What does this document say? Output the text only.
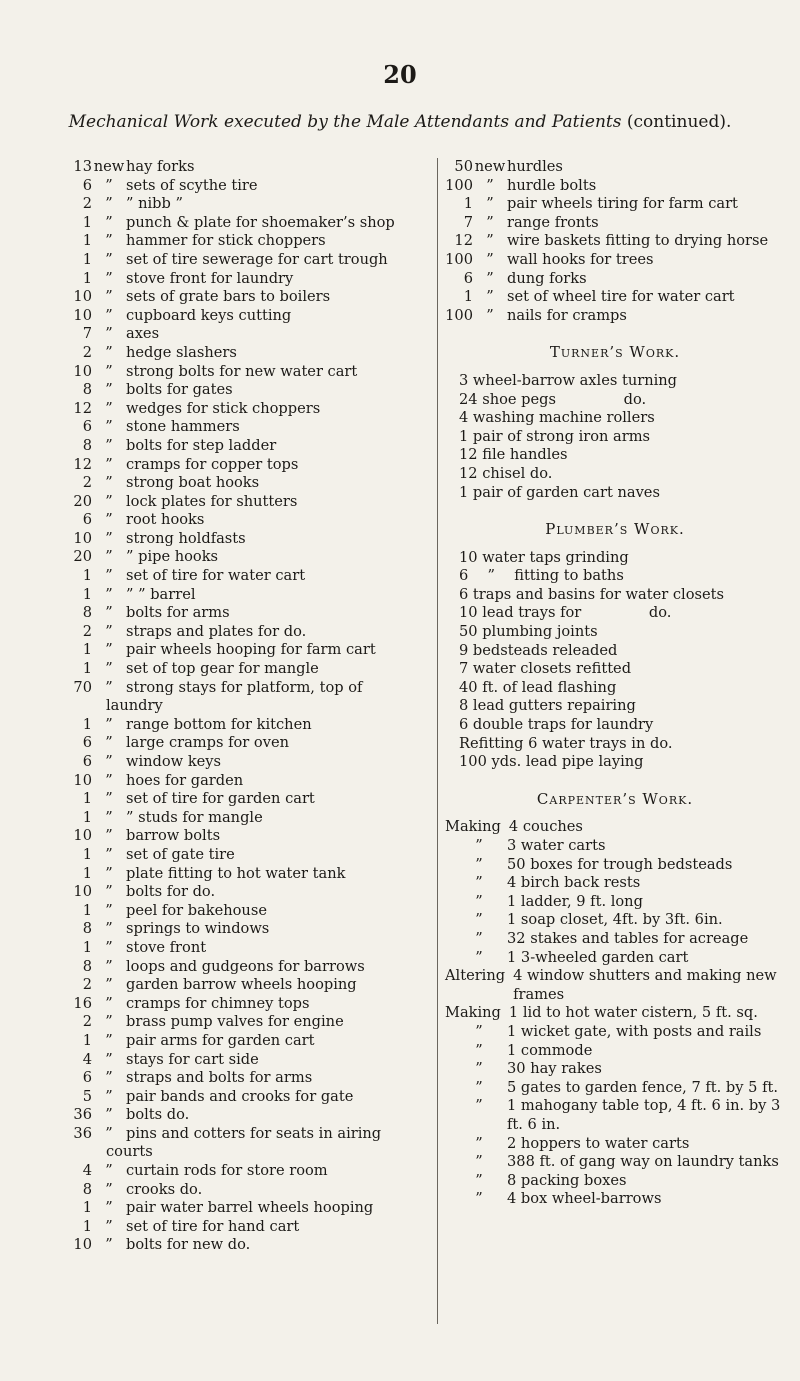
20
Mechanical Work executed by the Male Attendants and Patients (continued).
13 new hay forks
6 ” sets of scythe tire
2 ” ” nibb ”
1 ” punch & plate for shoemaker’s shop
1 ” hammer for stick choppers
1 ” set of tire sewerage for cart trough
1 ” stove front for laundry
10 ” sets of grate bars to boilers
10 ” cupboard keys cutting
7 ” axes
2 ” hedge slashers
10 ” strong bolts for new water cart
8 ” bolts for gates
12 ” wedges for stick choppers
6 ” stone hammers
8 ” bolts for step ladder
12 ” cramps for copper tops
2 ” strong boat hooks
20 ” lock plates for shutters
6 ” root hooks
10 ” strong holdfasts
20 ” ” pipe hooks
1 ” set of tire for water cart
1 ” ” ” barrel
8 ” bolts for arms
2 ” straps and plates for do.
1 ” pair wheels hooping for farm cart
1 ” set of top gear for mangle
70 ” strong stays for platform, top of
laundry
1 ” range bottom for kitchen
6 ” large cramps for oven
6 ” window keys
10 ” hoes for garden
1 ” set of tire for garden cart
1 ” ” studs for mangle
10 ” barrow bolts
1 ” set of gate tire
1 ” plate fitting to hot water tank
10 ” bolts for do.
1 ” peel for bakehouse
8 ” springs to windows
1 ” stove front
8 ” loops and gudgeons for barrows
2 ” garden barrow wheels hooping
16 ” cramps for chimney tops
2 ” brass pump valves for engine
1 ” pair arms for garden cart
4 ” stays for cart side
6 ” straps and bolts for arms
5 ” pair bands and crooks for gate
36 ” bolts do.
36 ” pins and cotters for seats in airing
courts
4 ” curtain rods for store room
8 ” crooks do.
1 ” pair water barrel wheels hooping
1 ” set of tire for hand cart
10 ” bolts for new do.
50 new hurdles
100 ” hurdle bolts
1 ” pair wheels tiring for farm cart
7 ” range fronts
12 ” wire baskets fitting to drying horse
100 ” wall hooks for trees
6 ” dung forks
1 ” set of wheel tire for water cart
100 ” nails for cramps
Turner’s Work.
3 wheel-barrow axles turning
24 shoe pegs      do.
4 washing machine rollers
1 pair of strong iron arms
12 file handles
12 chisel do.
1 pair of garden cart naves
Plumber’s Work.
10 water taps grinding
6  ”  fitting to baths
6 traps and basins for water closets
10 lead trays for      do.
50 plumbing joints
9 bedsteads releaded
7 water closets refitted
40 ft. of lead flashing
8 lead gutters repairing
6 double traps for laundry
Refitting 6 water trays in do.
100 yds. lead pipe laying
Carpenter’s Work.
Making 4 couches
”	3 water carts
”	50 boxes for trough bedsteads
”	4 birch back rests
”	1 ladder, 9 ft. long
”	1 soap closet, 4ft. by 3ft. 6in.
”	32 stakes and tables for acreage
”	1 3-wheeled garden cart
Altering 4 window shutters and making new frames
Making 1 lid to hot water cistern, 5 ft. sq.
”	1 wicket gate, with posts and rails
”	1 commode
”	30 hay rakes
”	5 gates to garden fence, 7 ft. by 5 ft.
”	1 mahogany table top, 4 ft. 6 in. by 3 ft. 6 in.
”	2 hoppers to water carts
”	388 ft. of gang way on laundry tanks
”	8 packing boxes
”	4 box wheel-barrows
